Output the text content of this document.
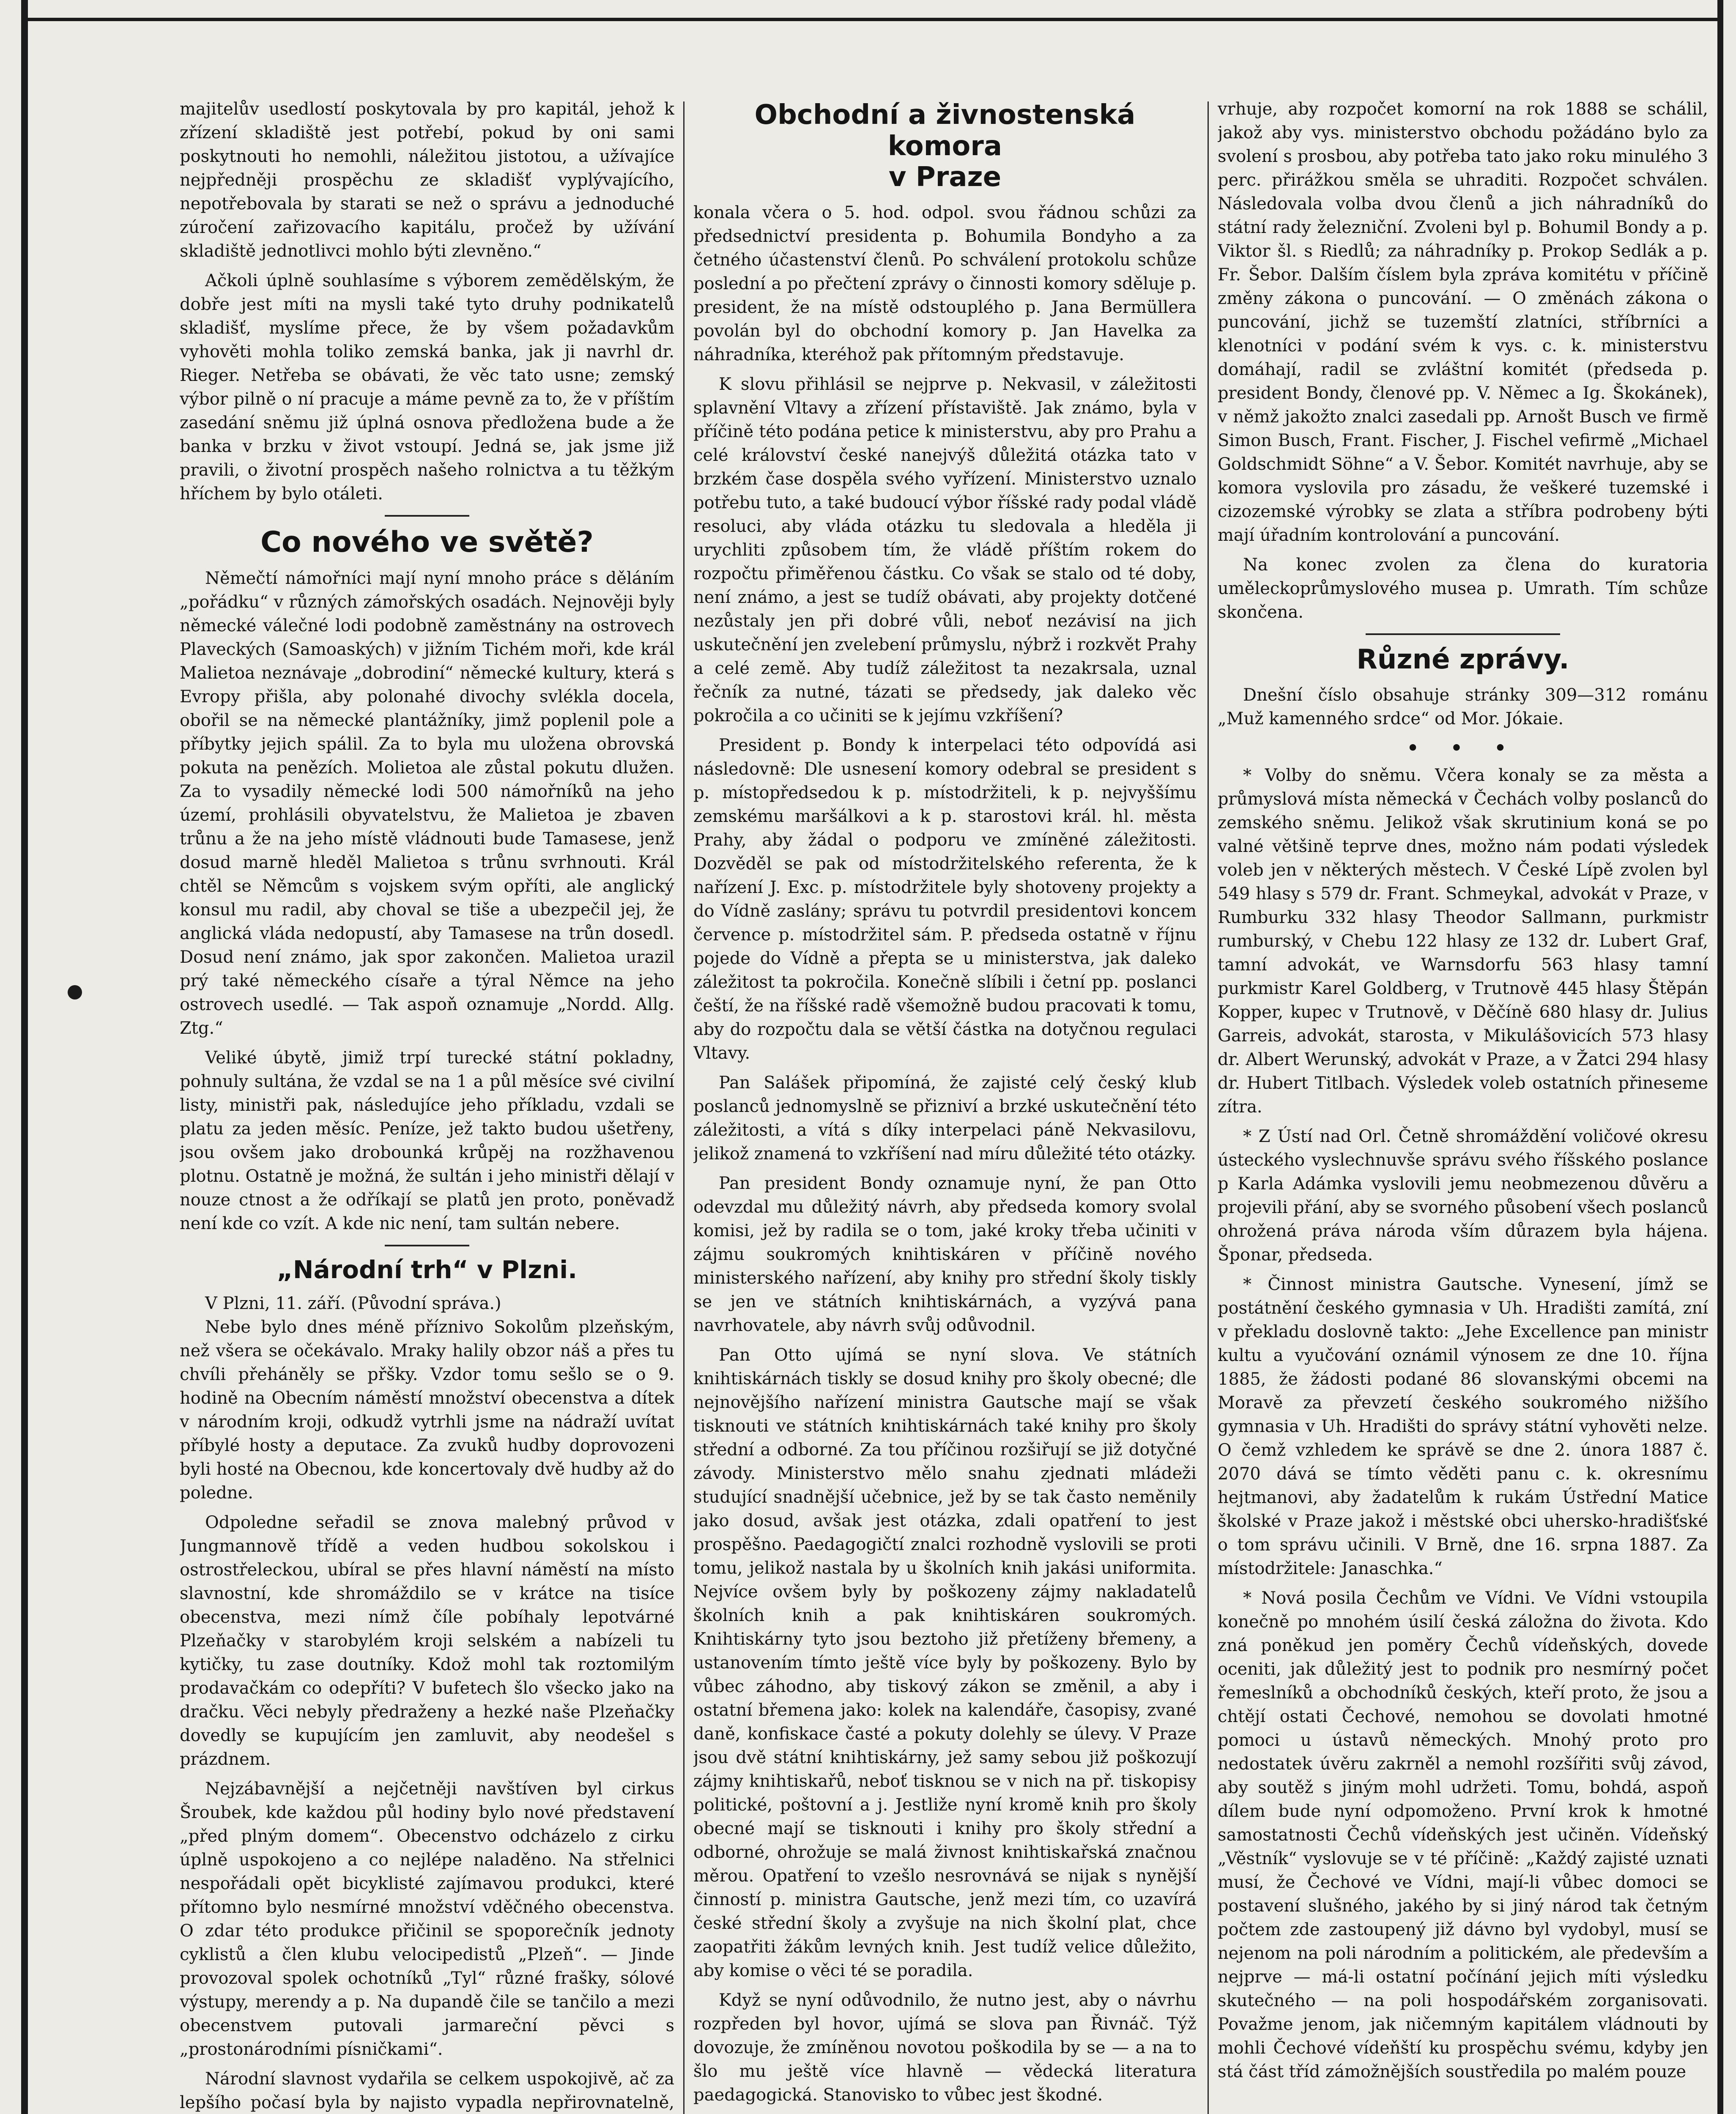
majitelův usedlostí poskytovala by pro kapitál, jehož k zřízení skladiště jest potřebí, pokud by oni sami poskytnouti ho nemohli, náležitou jistotou, a užívajíce nejpředněji prospěchu ze skladišť vyplývajícího, nepotřebovala by starati se než o správu a jednoduché zúročení zařizovacího kapitálu, pročež by užívání skladiště jednotlivci mohlo býti zlevněno.“

Ačkoli úplně souhlasíme s výborem zemědělským, že dobře jest míti na mysli také tyto druhy podnikatelů skladišť, myslíme přece, že by všem požadavkům vyhověti mohla toliko zemská banka, jak ji navrhl dr. Rieger. Netřeba se obávati, že věc tato usne; zemský výbor pilně o ní pracuje a máme pevně za to, že v příštím zasedání sněmu již úplná osnova předložena bude a že banka v brzku v život vstoupí. Jedná se, jak jsme již pravili, o životní prospěch našeho rolnictva a tu těžkým hříchem by bylo otáleti.

Co nového ve světě?

Němečtí námořníci mají nyní mnoho práce s děláním „pořádku“ v různých zámořských osadách. Nejnověji byly německé válečné lodi podobně zaměstnány na ostrovech Plaveckých (Samoaských) v jižním Tichém moři, kde král Malietoa neznávaje „dobrodiní“ německé kultury, která s Evropy přišla, aby polonahé divochy svlékla docela, obořil se na německé plantážníky, jimž poplenil pole a příbytky jejich spálil. Za to byla mu uložena obrovská pokuta na penězích. Molietoa ale zůstal pokutu dlužen. Za to vysadily německé lodi 500 námořníků na jeho území, prohlásili obyvatelstvu, že Malietoa je zbaven trůnu a že na jeho místě vládnouti bude Tamasese, jenž dosud marně hleděl Malietoa s trůnu svrhnouti. Král chtěl se Němcům s vojskem svým opříti, ale anglický konsul mu radil, aby choval se tiše a ubezpečil jej, že anglická vláda nedopustí, aby Tamasese na trůn dosedl. Dosud není známo, jak spor zakončen. Malietoa urazil prý také německého císaře a týral Němce na jeho ostrovech usedlé. — Tak aspoň oznamuje „Nordd. Allg. Ztg.“

Veliké úbytě, jimiž trpí turecké státní pokladny, pohnuly sultána, že vzdal se na 1 a půl měsíce své civilní listy, ministři pak, následujíce jeho příkladu, vzdali se platu za jeden měsíc. Peníze, jež takto budou ušetřeny, jsou ovšem jako drobounká krůpěj na rozžhavenou plotnu. Ostatně je možná, že sultán i jeho ministři dělají v nouze ctnost a že odříkají se platů jen proto, poněvadž není kde co vzít. A kde nic není, tam sultán nebere.

„Národní trh“ v Plzni.

V Plzni, 11. září. (Původní správa.)

Nebe bylo dnes méně příznivo Sokolům plzeňským, než všera se očekávalo. Mraky halily obzor náš a přes tu chvíli přeháněly se přšky. Vzdor tomu sešlo se o 9. hodině na Obecním náměstí množství obecenstva a dítek v národním kroji, odkudž vytrhli jsme na nádraží uvítat příbylé hosty a deputace. Za zvuků hudby doprovozeni byli hosté na Obecnou, kde koncertovaly dvě hudby až do poledne.

Odpoledne seřadil se znova malebný průvod v Jungmannově třídě a veden hudbou sokolskou i ostrostřeleckou, ubíral se přes hlavní náměstí na místo slavnostní, kde shromáždilo se v krátce na tisíce obecenstva, mezi nímž číle pobíhaly lepotvárné Plzeňačky v starobylém kroji selském a nabízeli tu kytičky, tu zase doutníky. Kdož mohl tak roztomilým prodavačkám co odepříti? V bufetech šlo všecko jako na dračku. Věci nebyly předraženy a hezké naše Plzeňačky dovedly se kupujícím jen zamluvit, aby neodešel s prázdnem.

Nejzábavnější a nejčetněji navštíven byl cirkus Šroubek, kde každou půl hodiny bylo nové představení „před plným domem“. Obecenstvo odcházelo z cirku úplně uspokojeno a co nejlépe naladěno. Na střelnici nespořádali opět bicyklisté zajímavou produkci, které přítomno bylo nesmírné množství vděčného obecenstva. O zdar této produkce přičinil se spoporečník jednoty cyklistů a člen klubu velocipedistů „Plzeň“. — Jinde provozoval spolek ochotníků „Tyl“ různé frašky, sólové výstupy, merendy a p. Na dupandě čile se tančilo a mezi obecenstvem putovali jarmareční pěvci s „prostonárodními písničkami“.

Národní slavnost vydařila se celkem uspokojivě, ač za lepšího počasí byla by najisto vypadla nepřirovnatelně,

Obchodní a živnostenská komora
v Praze

konala včera o 5. hod. odpol. svou řádnou schůzi za předsednictví presidenta p. Bohumila Bondyho a za četného účastenství členů. Po schválení protokolu schůze poslední a po přečtení zprávy o činnosti komory sděluje p. president, že na místě odstouplého p. Jana Bermüllera povolán byl do obchodní komory p. Jan Havelka za náhradníka, kteréhož pak přítomným představuje.

K slovu přihlásil se nejprve p. Nekvasil, v záležitosti splavnění Vltavy a zřízení přístaviště. Jak známo, byla v příčině této podána petice k ministerstvu, aby pro Prahu a celé království české nanejvýš důležitá otázka tato v brzkém čase dospěla svého vyřízení. Ministerstvo uznalo potřebu tuto, a také budoucí výbor říšské rady podal vládě resoluci, aby vláda otázku tu sledovala a hleděla ji urychliti způsobem tím, že vládě příštím rokem do rozpočtu přiměřenou částku. Co však se stalo od té doby, není známo, a jest se tudíž obávati, aby projekty dotčené nezůstaly jen při dobré vůli, neboť nezávisí na jich uskutečnění jen zvelebení průmyslu, nýbrž i rozkvět Prahy a celé země. Aby tudíž záležitost ta nezakrsala, uznal řečník za nutné, tázati se předsedy, jak daleko věc pokročila a co učiniti se k jejímu vzkříšení?

President p. Bondy k interpelaci této odpovídá asi následovně: Dle usnesení komory odebral se president s p. místopředsedou k p. místodržiteli, k p. nejvyššímu zemskému maršálkovi a k p. starostovi král. hl. města Prahy, aby žádal o podporu ve zmíněné záležitosti. Dozvěděl se pak od místodržitelského referenta, že k nařízení J. Exc. p. místodržitele byly shotoveny projekty a do Vídně zaslány; správu tu potvrdil presidentovi koncem července p. místodržitel sám. P. předseda ostatně v říjnu pojede do Vídně a přepta se u ministerstva, jak daleko záležitost ta pokročila. Konečně slíbili i četní pp. poslanci čeští, že na říšské radě všemožně budou pracovati k tomu, aby do rozpočtu dala se větší částka na dotyčnou regulaci Vltavy.

Pan Salášek připomíná, že zajisté celý český klub poslanců jednomyslně se přizniví a brzké uskutečnění této záležitosti, a vítá s díky interpelaci páně Nekvasilovu, jelikož znamená to vzkříšení nad míru důležité této otázky.

Pan president Bondy oznamuje nyní, že pan Otto odevzdal mu důležitý návrh, aby předseda komory svolal komisi, jež by radila se o tom, jaké kroky třeba učiniti v zájmu soukromých knihtiskáren v příčině nového ministerského nařízení, aby knihy pro střední školy tiskly se jen ve státních knihtiskárnách, a vyzývá pana navrhovatele, aby návrh svůj odůvodnil.

Pan Otto ujímá se nyní slova. Ve státních knihtiskárnách tiskly se dosud knihy pro školy obecné; dle nejnovějšího nařízení ministra Gautsche mají se však tisknouti ve státních knihtiskárnách také knihy pro školy střední a odborné. Za tou příčinou rozšiřují se již dotyčné závody. Ministerstvo mělo snahu zjednati mládeži studující snadnější učebnice, jež by se tak často neměnily jako dosud, avšak jest otázka, zdali opatření to jest prospěšno. Paedagogičtí znalci rozhodně vyslovili se proti tomu, jelikož nastala by u školních knih jakási uniformita. Nejvíce ovšem byly by poškozeny zájmy nakladatelů školních knih a pak knihtiskáren soukromých. Knihtiskárny tyto jsou beztoho již přetíženy břemeny, a ustanovením tímto ještě více byly by poškozeny. Bylo by vůbec záhodno, aby tiskový zákon se změnil, a aby i ostatní břemena jako: kolek na kalendáře, časopisy, zvané daně, konfiskace časté a pokuty dolehly se úlevy. V Praze jsou dvě státní knihtiskárny, jež samy sebou již poškozují zájmy knihtiskařů, neboť tisknou se v nich na př. tiskopisy politické, poštovní a j. Jestliže nyní kromě knih pro školy obecné mají se tisknouti i knihy pro školy střední a odborné, ohrožuje se malá živnost knihtiskařská značnou měrou. Opatření to vzešlo nesrovnává se nijak s nynější činností p. ministra Gautsche, jenž mezi tím, co uzavírá české střední školy a zvyšuje na nich školní plat, chce zaopatřiti žákům levných knih. Jest tudíž velice důležito, aby komise o věci té se poradila.

Když se nyní odůvodnilo, že nutno jest, aby o návrhu rozpředen byl hovor, ujímá se slova pan Řivnáč. Týž dovozuje, že zmíněnou novotou poškodila by se — a na to šlo mu ještě více hlavně — vědecká literatura paedagogická. Stanovisko to vůbec jest škodné.

vrhuje, aby rozpočet komorní na rok 1888 se schálil, jakož aby vys. ministerstvo obchodu požádáno bylo za svolení s prosbou, aby potřeba tato jako roku minulého 3 perc. přirážkou směla se uhraditi. Rozpočet schválen. Následovala volba dvou členů a jich náhradníků do státní rady železniční. Zvoleni byl p. Bohumil Bondy a p. Viktor šl. s Riedlů; za náhradníky p. Prokop Sedlák a p. Fr. Šebor. Dalším číslem byla zpráva komitétu v příčině změny zákona o puncování. — O změnách zákona o puncování, jichž se tuzemští zlatníci, stříbrníci a klenotníci v podání svém k vys. c. k. ministerstvu domáhají, radil se zvláštní komitét (předseda p. president Bondy, členové pp. V. Němec a Ig. Škokánek), v němž jakožto znalci zasedali pp. Arnošt Busch ve firmě Simon Busch, Frant. Fischer, J. Fischel vefirmě „Michael Goldschmidt Söhne“ a V. Šebor. Komitét navrhuje, aby se komora vyslovila pro zásadu, že veškeré tuzemské i cizozemské výrobky se zlata a stříbra podrobeny býti mají úřadním kontrolování a puncování.

Na konec zvolen za člena do kuratoria uměleckoprůmyslového musea p. Umrath. Tím schůze skončena.

Různé zprávy.

Dnešní číslo obsahuje stránky 309—312 románu „Muž kamenného srdce“ od Mor. Jókaie.

• • •

* Volby do sněmu. Včera konaly se za města a průmyslová místa německá v Čechách volby poslanců do zemského sněmu. Jelikož však skrutinium koná se po valné většině teprve dnes, možno nám podati výsledek voleb jen v některých městech. V České Lípě zvolen byl 549 hlasy s 579 dr. Frant. Schmeykal, advokát v Praze, v Rumburku 332 hlasy Theodor Sallmann, purkmistr rumburský, v Chebu 122 hlasy ze 132 dr. Lubert Graf, tamní advokát, ve Warnsdorfu 563 hlasy tamní purkmistr Karel Goldberg, v Trutnově 445 hlasy Štěpán Kopper, kupec v Trutnově, v Děčíně 680 hlasy dr. Julius Garreis, advokát, starosta, v Mikulášovicích 573 hlasy dr. Albert Werunský, advokát v Praze, a v Žatci 294 hlasy dr. Hubert Titlbach. Výsledek voleb ostatních přineseme zítra.

* Z Ústí nad Orl. Četně shromáždění voličové okresu ústeckého vyslechnuvše správu svého říšského poslance p Karla Adámka vyslovili jemu neobmezenou důvěru a projevili přání, aby se svorného působení všech poslanců ohrožená práva národa vším důrazem byla hájena. Šponar, předseda.

* Činnost ministra Gautsche. Vynesení, jímž se postátnění českého gymnasia v Uh. Hradišti zamítá, zní v překladu doslovně takto: „Jehe Excellence pan ministr kultu a vyučování oznámil výnosem ze dne 10. října 1885, že žádosti podané 86 slovanskými obcemi na Moravě za převzetí českého soukromého nižšího gymnasia v Uh. Hradišti do správy státní vyhověti nelze. O čemž vzhledem ke správě se dne 2. února 1887 č. 2070 dává se tímto věděti panu c. k. okresnímu hejtmanovi, aby žadatelům k rukám Ústřední Matice školské v Praze jakož i městské obci uhersko-hradišťské o tom správu učinili. V Brně, dne 16. srpna 1887. Za místodržitele: Janaschka.“

* Nová posila Čechům ve Vídni. Ve Vídni vstoupila konečně po mnohém úsilí česká záložna do života. Kdo zná poněkud jen poměry Čechů vídeňských, dovede oceniti, jak důležitý jest to podnik pro nesmírný počet řemeslníků a obchodníků českých, kteří proto, že jsou a chtějí ostati Čechové, nemohou se dovolati hmotné pomoci u ústavů německých. Mnohý proto pro nedostatek úvěru zakrněl a nemohl rozšířiti svůj závod, aby soutěž s jiným mohl udržeti. Tomu, bohdá, aspoň dílem bude nyní odpomoženo. První krok k hmotné samostatnosti Čechů vídeňských jest učiněn. Vídeňský „Věstník“ vyslovuje se v té příčině: „Každý zajisté uznati musí, že Čechové ve Vídni, mají-li vůbec domoci se postavení slušného, jakého by si jiný národ tak četným počtem zde zastoupený již dávno byl vydobyl, musí se nejenom na poli národním a politickém, ale především a nejprve — má-li ostatní počínání jejich míti výsledku skutečného — na poli hospodářském zorganisovati. Považme jenom, jak ničemným kapitálem vládnouti by mohli Čechové vídeňští ku prospěchu svému, kdyby jen stá část tříd zámožnějších soustředila po malém pouze
